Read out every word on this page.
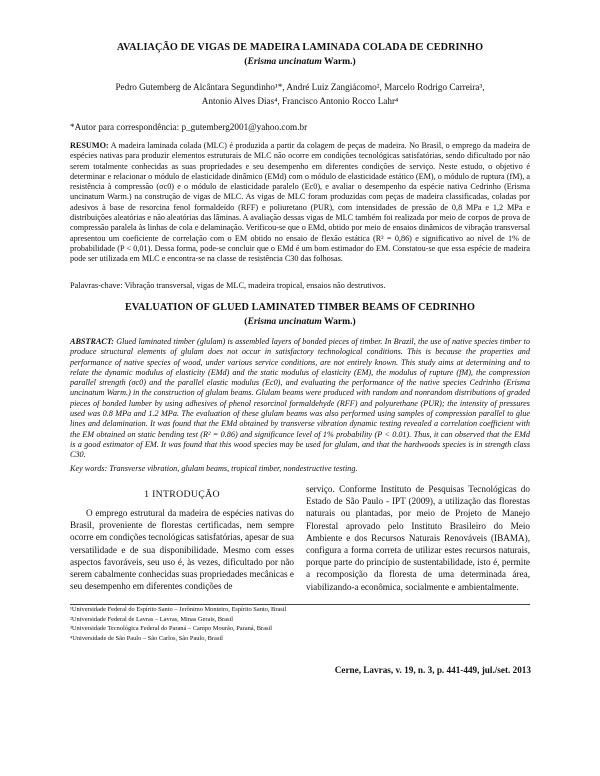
AVALIAÇÃO DE VIGAS DE MADEIRA LAMINADA COLADA DE CEDRINHO
(Erisma uncinatum Warm.)
Pedro Gutemberg de Alcântara Segundinho¹*, André Luiz Zangiácomo², Marcelo Rodrigo Carreira³,
Antonio Alves Dias⁴, Francisco Antonio Rocco Lahr⁴
*Autor para correspondência: p_gutemberg2001@yahoo.com.br
RESUMO: A madeira laminada colada (MLC) é produzida a partir da colagem de peças de madeira. No Brasil, o emprego da madeira de espécies nativas para produzir elementos estruturais de MLC não ocorre em condições tecnológicas satisfatórias, sendo dificultado por não serem totalmente conhecidas as suas propriedades e seu desempenho em diferentes condições de serviço. Neste estudo, o objetivo é determinar e relacionar o módulo de elasticidade dinâmico (EMd) com o módulo de elasticidade estático (EM), o módulo de ruptura (fM), a resistência à compressão (σc0) e o módulo de elasticidade paralelo (Ec0), e avaliar o desempenho da espécie nativa Cedrinho (Erisma uncinatum Warm.) na construção de vigas de MLC. As vigas de MLC foram produzidas com peças de madeira classificadas, coladas por adesivos à base de resorcina fenol formaldeído (RFF) e poliuretano (PUR), com intensidades de pressão de 0,8 MPa e 1,2 MPa e distribuições aleatórias e não aleatórias das lâminas. A avaliação dessas vigas de MLC também foi realizada por meio de corpos de prova de compressão paralela às linhas de cola e delaminação. Verificou-se que o EMd, obtido por meio de ensaios dinâmicos de vibração transversal apresentou um coeficiente de correlação com o EM obtido no ensaio de flexão estática (R² = 0,86) e significativo ao nível de 1% de probabilidade (P < 0,01). Dessa forma, pode-se concluir que o EMd é um bom estimador do EM. Constatou-se que essa espécie de madeira pode ser utilizada em MLC e encontra-se na classe de resistência C30 das folhosas.
Palavras-chave: Vibração transversal, vigas de MLC, madeira tropical, ensaios não destrutivos.
EVALUATION OF GLUED LAMINATED TIMBER BEAMS OF CEDRINHO
(Erisma uncinatum Warm.)
ABSTRACT: Glued laminated timber (glulam) is assembled layers of bonded pieces of timber. In Brazil, the use of native species timber to produce structural elements of glulam does not occur in satisfactory technological conditions. This is because the properties and performance of native species of wood, under various service conditions, are not entirely known. This study aims at determining and to relate the dynamic modulus of elasticity (EMd) and the static modulus of elasticity (EM), the modulus of rupture (fM), the compression parallel strength (σc0) and the parallel elastic modulus (Ec0), and evaluating the performance of the native species Cedrinho (Erisma uncinatum Warm.) in the construction of glulam beams. Glulam beams were produced with random and nonrandom distributions of graded pieces of bonded lumber by using adhesives of phenol resorcinol formaldehyde (RFF) and polyurethane (PUR); the intensity of pressures used was 0.8 MPa and 1.2 MPa. The evaluation of these glulam beams was also performed using samples of compression parallel to glue lines and delamination. It was found that the EMd obtained by transverse vibration dynamic testing revealed a correlation coefficient with the EM obtained on static bending test (R² = 0.86) and significance level of 1% probability (P < 0.01). Thus, it can observed that the EMd is a good estimator of EM. It was found that this wood species may be used for glulam, and that the hardwoods species is in strength class C30.
Key words: Transverse vibration, glulam beams, tropical timber, nondestructive testing.
1 INTRODUÇÃO
O emprego estrutural da madeira de espécies nativas do Brasil, proveniente de florestas certificadas, nem sempre ocorre em condições tecnológicas satisfatórias, apesar de sua versatilidade e de sua disponibilidade. Mesmo com esses aspectos favoráveis, seu uso é, às vezes, dificultado por não serem cabalmente conhecidas suas propriedades mecânicas e seu desempenho em diferentes condições de
serviço. Conforme Instituto de Pesquisas Tecnológicas do Estado de São Paulo - IPT (2009), a utilização das florestas naturais ou plantadas, por meio de Projeto de Manejo Florestal aprovado pelo Instituto Brasileiro do Meio Ambiente e dos Recursos Naturais Renováveis (IBAMA), configura a forma correta de utilizar estes recursos naturais, porque parte do princípio de sustentabilidade, isto é, permite a recomposição da floresta de uma determinada área, viabilizando-a econômica, socialmente e ambientalmente.
¹Universidade Federal do Espírito Santo – Jerônimo Monteiro, Espírito Santo, Brasil
²Universidade Federal de Lavras – Lavras, Minas Gerais, Brasil
³Universidade Tecnológica Federal do Paraná – Campo Mourão, Paraná, Brasil
⁴Universidade de São Paulo – São Carlos, São Paulo, Brasil
Cerne, Lavras, v. 19, n. 3, p. 441-449, jul./set. 2013
